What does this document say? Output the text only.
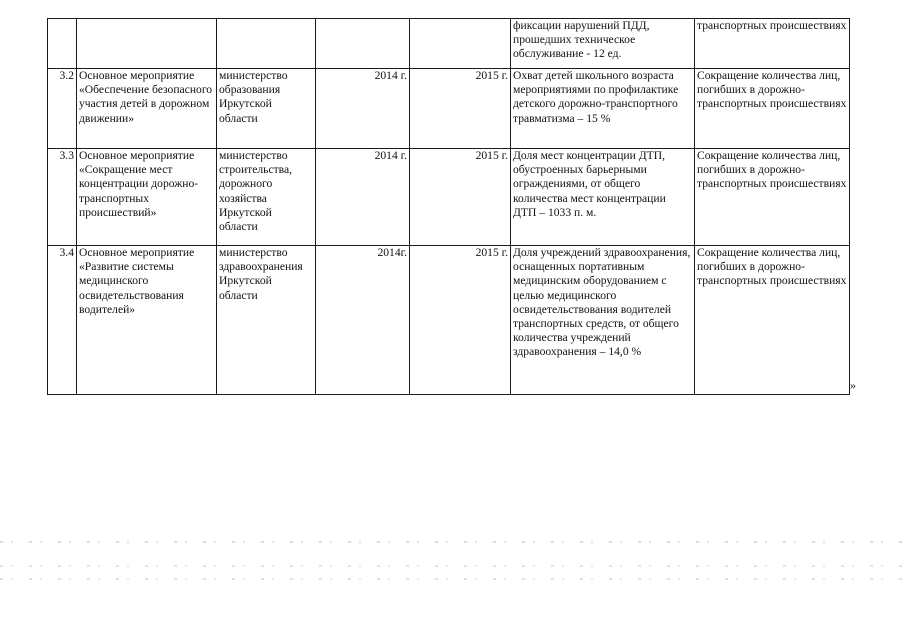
					фиксации нарушений ПДД, прошедших техническое обслуживание - 12 ед.	транспортных происшествиях
3.2	Основное мероприятие «Обеспечение безопасного участия детей в дорожном движении»	министерство образования Иркутской области	2014 г.	2015 г.	Охват детей школьного возраста мероприятиями по профилактике детского дорожно-транспортного травматизма – 15 %	Сокращение количества лиц, погибших в дорожно-транспортных происшествиях
3.3	Основное мероприятие «Сокращение мест концентрации дорожно-транспортных происшествий»	министерство строительства, дорожного хозяйства Иркутской области	2014 г.	2015 г.	Доля мест концентрации ДТП, обустроенных барьерными ограждениями, от общего количества мест концентрации ДТП – 1033 п. м.	Сокращение количества лиц, погибших в дорожно-транспортных происшествиях
3.4	Основное мероприятие «Развитие системы медицинского освидетельствования водителей»	министерство здравоохранения Иркутской области	2014г.	2015 г.	Доля учреждений здравоохранения, оснащенных портативным медицинским оборудованием с целью медицинского освидетельствования водителей транспортных средств, от общего количества учреждений здравоохранения – 14,0 %	Сокращение количества лиц, погибших в дорожно-транспортных происшествиях
»
